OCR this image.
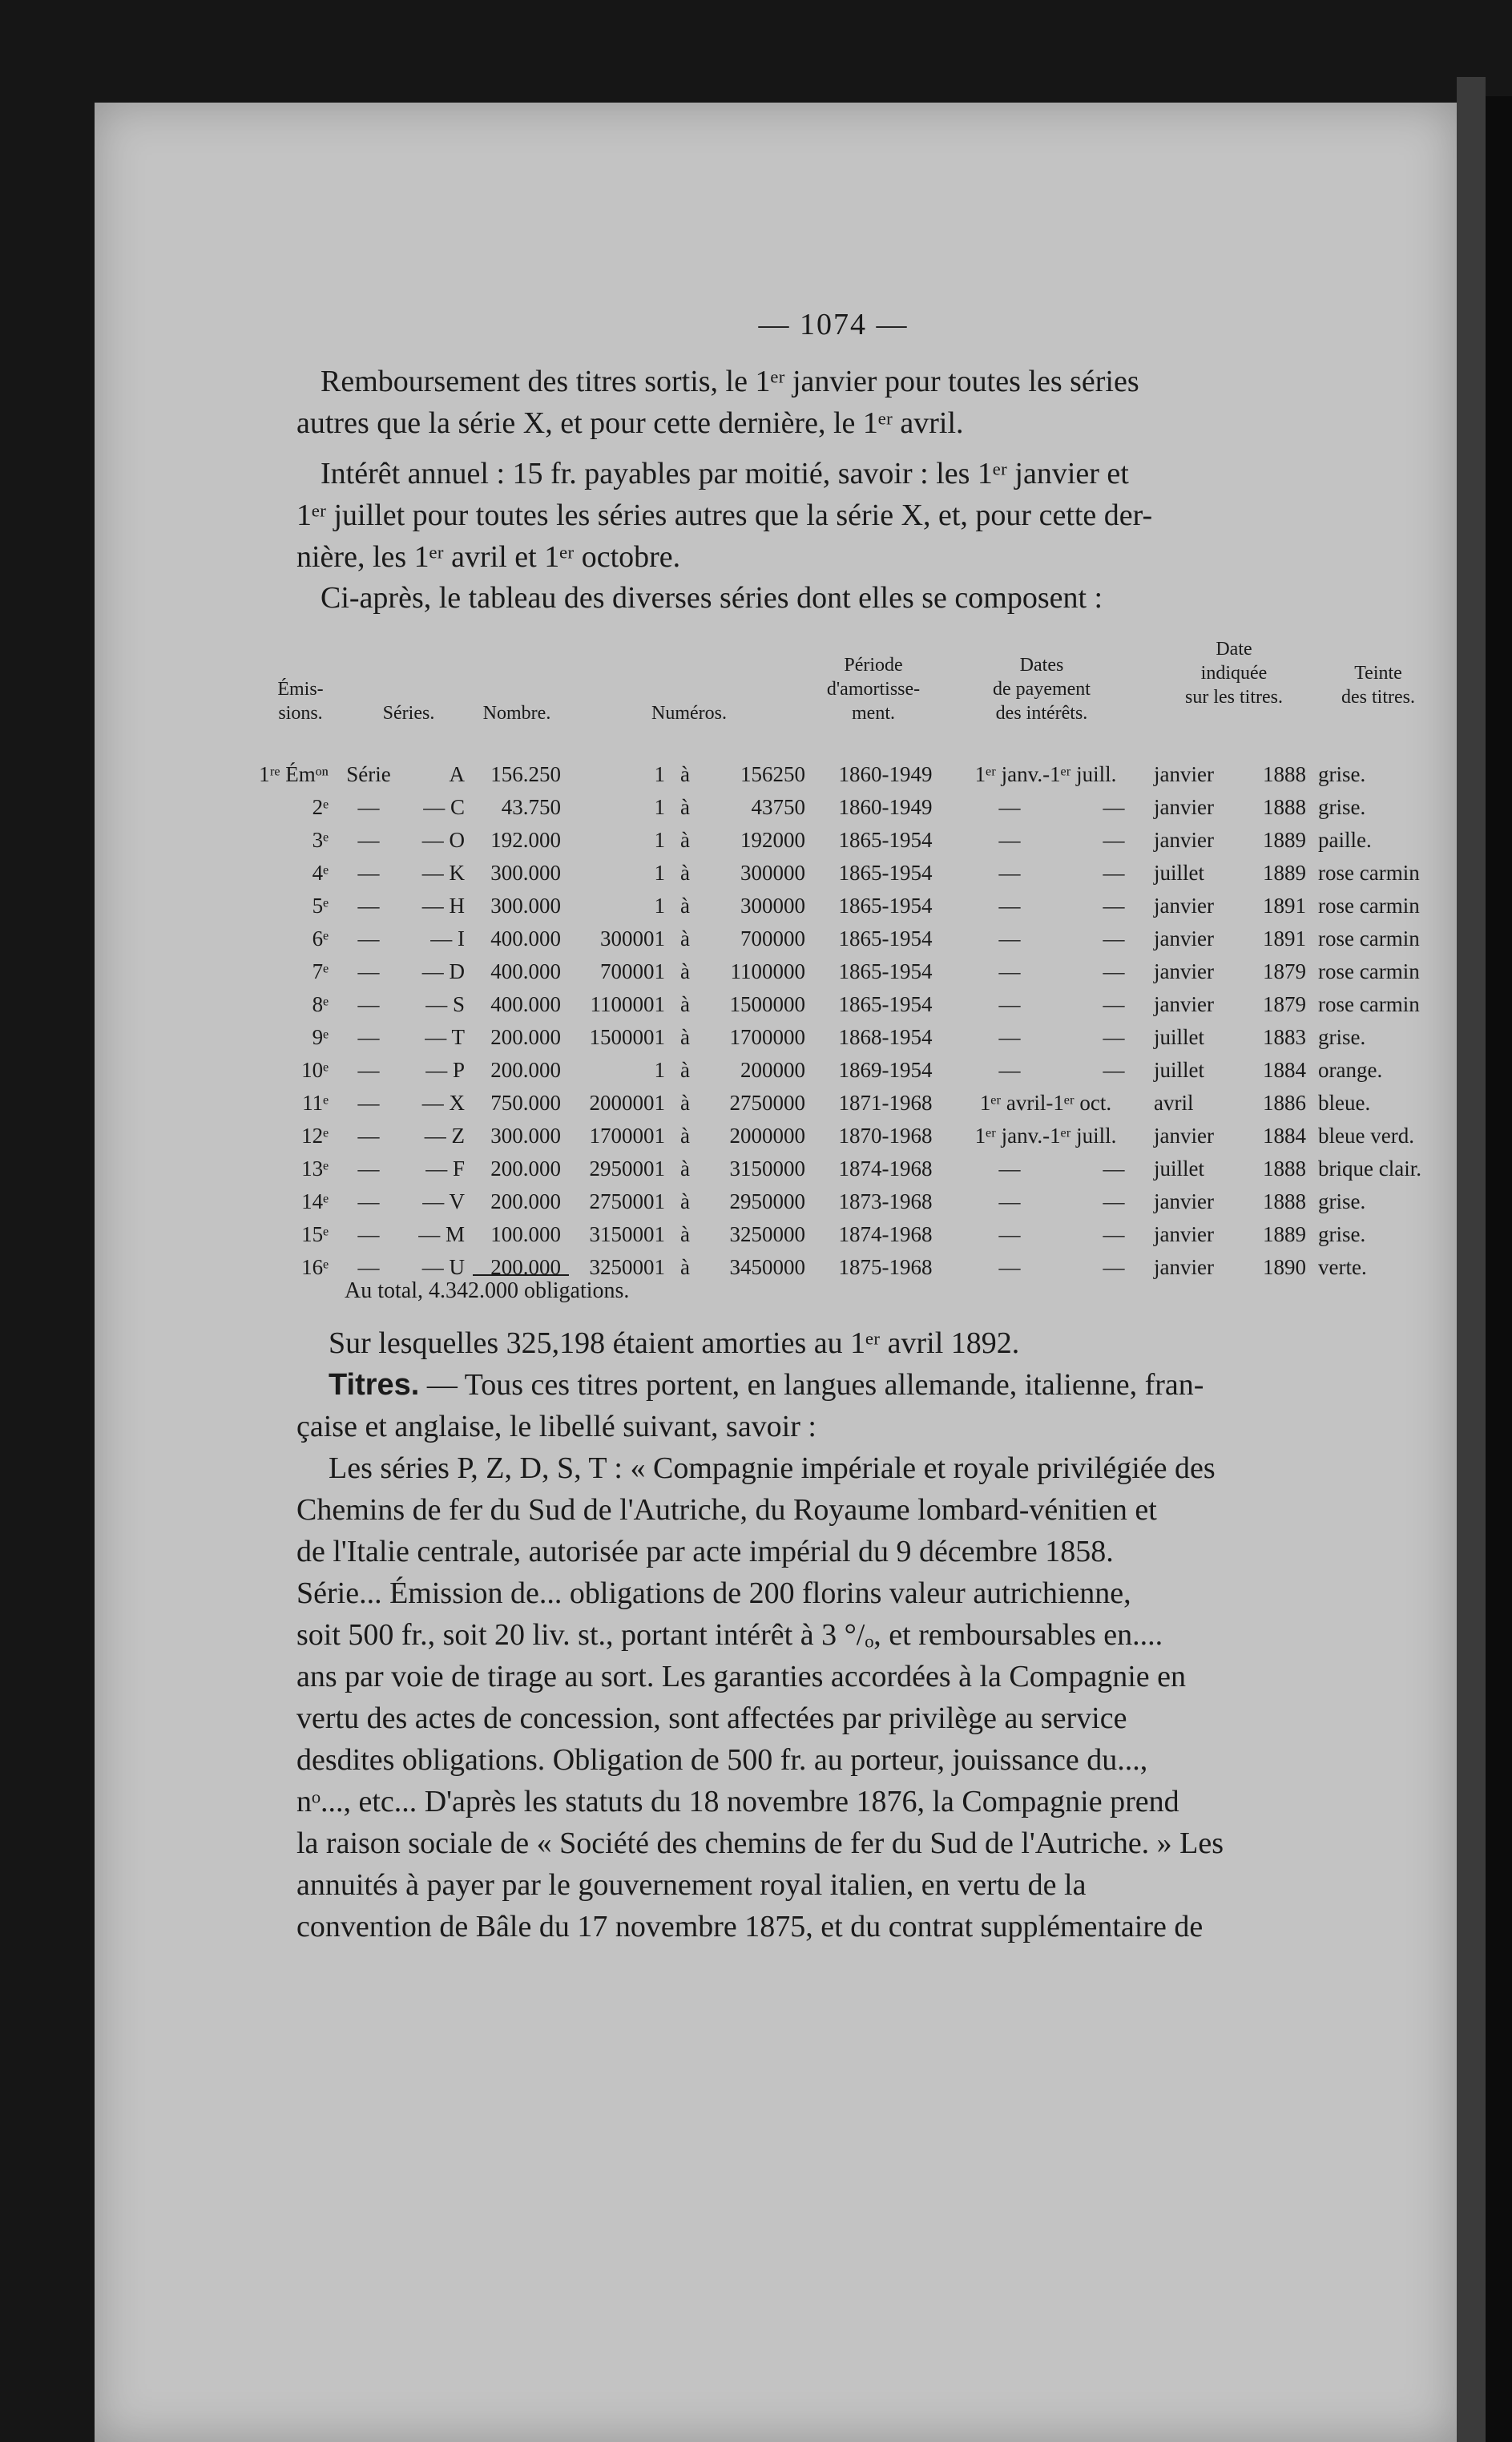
— 1074 —
Remboursement des titres sortis, le 1ᵉʳ janvier pour toutes les séries
autres que la série X, et pour cette dernière, le 1ᵉʳ avril.
Intérêt annuel : 15 fr. payables par moitié, savoir : les 1ᵉʳ janvier et
1ᵉʳ juillet pour toutes les séries autres que la série X, et, pour cette der-
nière, les 1ᵉʳ avril et 1ᵉʳ octobre.
Ci-après, le tableau des diverses séries dont elles se composent :
Émis-
sions.	Séries.	Nombre.	Numéros.
Période
d'amortisse-
ment.
Dates
de payement
des intérêts.
Date
indiquée
sur les titres.
Teinte
des titres.
1ʳᵉ Émᵒⁿ Série	A	156.250	1 à	156250	1860-1949	1ᵉʳ janv.-1ᵉʳ juill.	janvier	1888 grise.
2ᵉ	—	— C	43.750	1 à	43750	1860-1949	—	—	janvier	1888 grise.
3ᵉ	—	— O	192.000	1 à	192000	1865-1954	—	—	janvier	1889 paille.
4ᵉ	—	— K	300.000	1 à	300000	1865-1954	—	—	juillet	1889 rose carmin
5ᵉ	—	— H	300.000	1 à	300000	1865-1954	—	—	janvier	1891 rose carmin
6ᵉ	—	— I	400.000	300001 à	700000	1865-1954	—	—	janvier	1891 rose carmin
7ᵉ	—	— D	400.000	700001 à	1100000	1865-1954	—	—	janvier	1879 rose carmin
8ᵉ	—	— S	400.000	1100001 à	1500000	1865-1954	—	—	janvier	1879 rose carmin
9ᵉ	—	— T	200.000	1500001 à	1700000	1868-1954	—	—	juillet	1883 grise.
10ᵉ	—	— P	200.000	1 à	200000	1869-1954	—	—	juillet	1884 orange.
11ᵉ	—	— X	750.000	2000001 à	2750000	1871-1968	1ᵉʳ avril-1ᵉʳ oct.	avril	1886 bleue.
12ᵉ	—	— Z	300.000	1700001 à	2000000	1870-1968	1ᵉʳ janv.-1ᵉʳ juill.	janvier	1884 bleue verd.
13ᵉ	—	— F	200.000	2950001 à	3150000	1874-1968	—	—	juillet	1888 brique clair.
14ᵉ	—	— V	200.000	2750001 à	2950000	1873-1968	—	—	janvier	1888 grise.
15ᵉ	—	— M	100.000	3150001 à	3250000	1874-1968	—	—	janvier	1889 grise.
16ᵉ	—	— U	200.000	3250001 à	3450000	1875-1968	—	—	janvier	1890 verte.
Au total, 4.342.000 obligations.
Sur lesquelles 325,198 étaient amorties au 1ᵉʳ avril 1892.
Titres. — Tous ces titres portent, en langues allemande, italienne, fran-
çaise et anglaise, le libellé suivant, savoir :
Les séries P, Z, D, S, T : « Compagnie impériale et royale privilégiée des
Chemins de fer du Sud de l'Autriche, du Royaume lombard-vénitien et
de l'Italie centrale, autorisée par acte impérial du 9 décembre 1858.
Série... Émission de... obligations de 200 florins valeur autrichienne,
soit 500 fr., soit 20 liv. st., portant intérêt à 3 °/ₒ, et remboursables en....
ans par voie de tirage au sort. Les garanties accordées à la Compagnie en
vertu des actes de concession, sont affectées par privilège au service
desdites obligations. Obligation de 500 fr. au porteur, jouissance du...,
nᵒ..., etc... D'après les statuts du 18 novembre 1876, la Compagnie prend
la raison sociale de « Société des chemins de fer du Sud de l'Autriche. » Les
annuités à payer par le gouvernement royal italien, en vertu de la
convention de Bâle du 17 novembre 1875, et du contrat supplémentaire de
